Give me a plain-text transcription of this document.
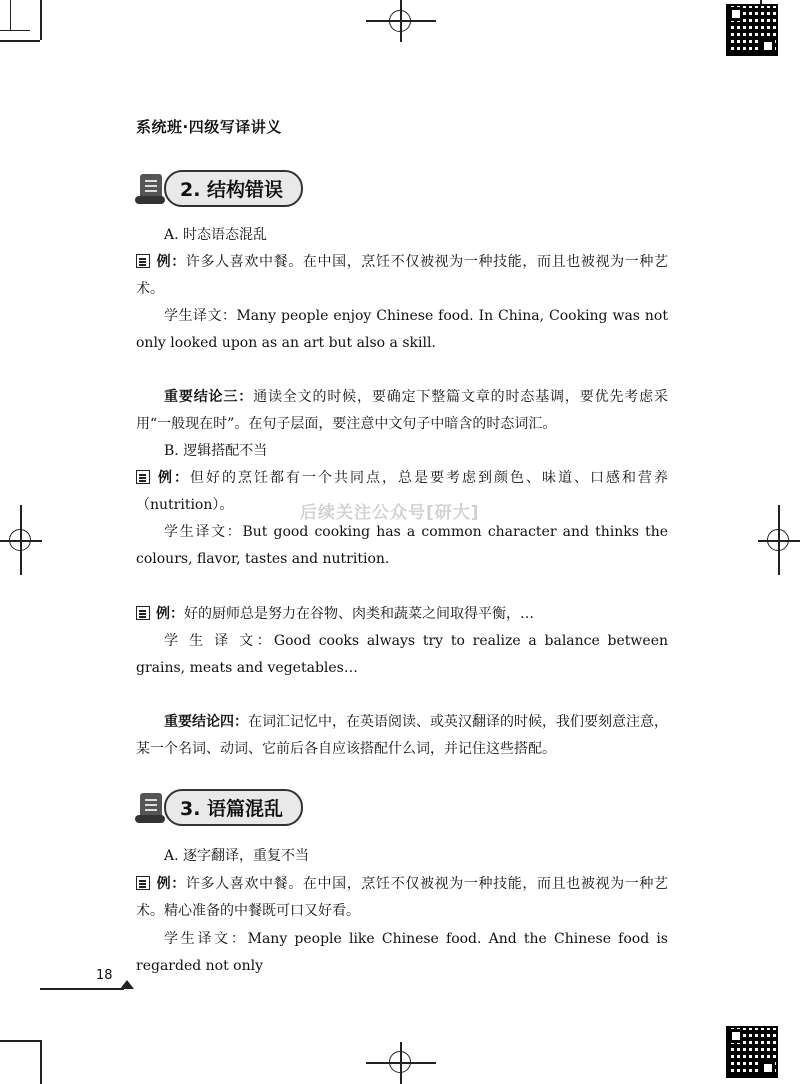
系统班·四级写译讲义
2. 结构错误
A. 时态语态混乱
例：许多人喜欢中餐。在中国，烹饪不仅被视为一种技能，而且也被视为一种艺术。
学生译文：Many people enjoy Chinese food. In China, Cooking was not only looked upon as an art but also a skill.
重要结论三：通读全文的时候，要确定下整篇文章的时态基调，要优先考虑采用“一般现在时”。在句子层面，要注意中文句子中暗含的时态词汇。
B. 逻辑搭配不当
例：但好的烹饪都有一个共同点，总是要考虑到颜色、味道、口感和营养（nutrition）。
学生译文：But good cooking has a common character and thinks the colours, flavor, tastes and nutrition.
例：好的厨师总是努力在谷物、肉类和蔬菜之间取得平衡，…
学 生 译 文：Good cooks always try to realize a balance between grains, meats and vegetables…
重要结论四：在词汇记忆中，在英语阅读、或英汉翻译的时候，我们要刻意注意，某一个名词、动词、它前后各自应该搭配什么词，并记住这些搭配。
3. 语篇混乱
A. 逐字翻译，重复不当
例：许多人喜欢中餐。在中国，烹饪不仅被视为一种技能，而且也被视为一种艺术。精心准备的中餐既可口又好看。
学生译文：Many people like Chinese food. And the Chinese food is regarded not only
后续关注公众号[研大]
18
